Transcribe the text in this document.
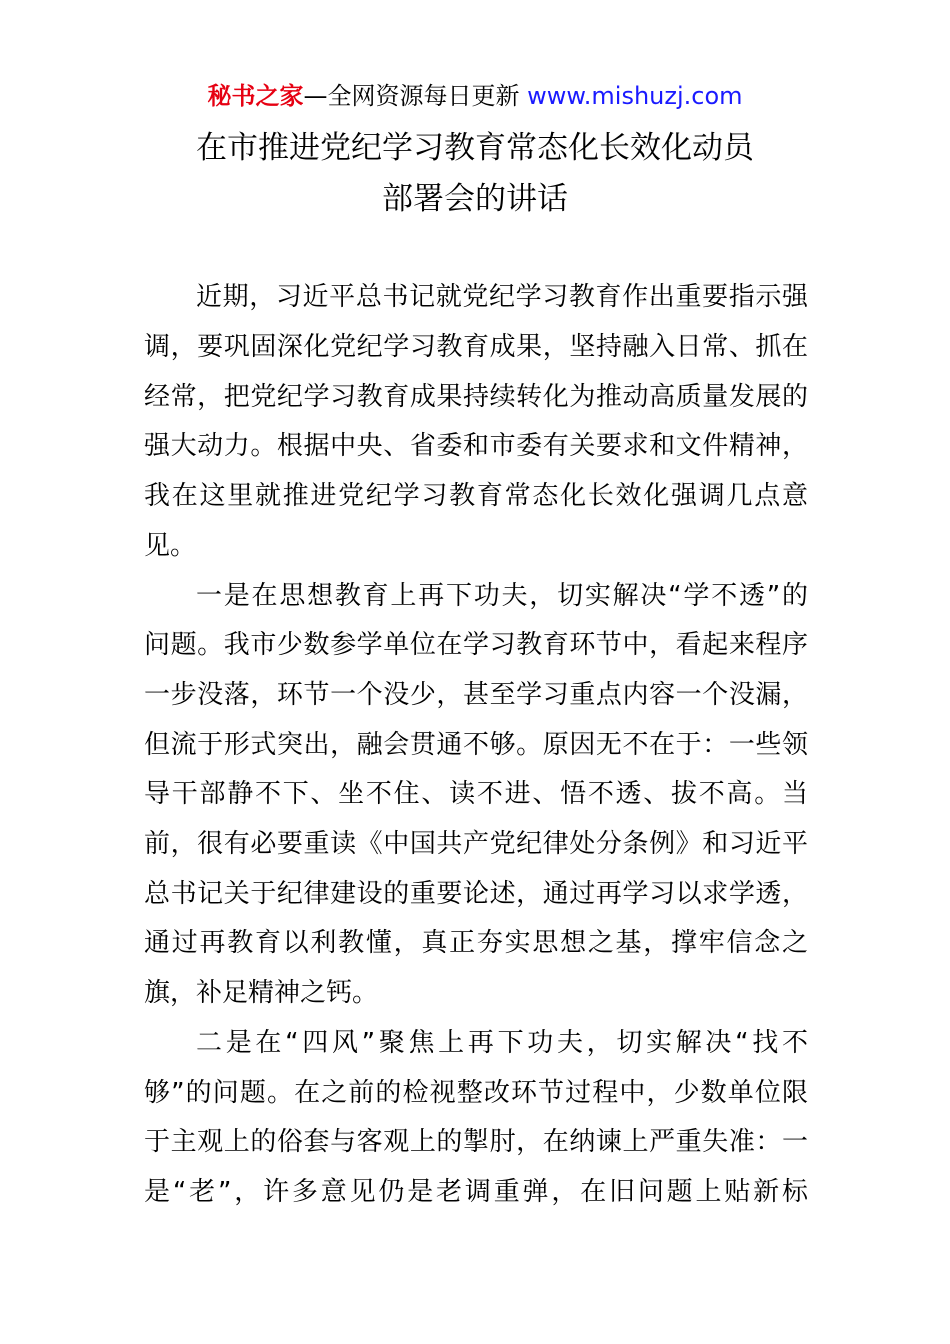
秘书之家—全网资源每日更新 www.mishuzj.com
在市推进党纪学习教育常态化长效化动员
部署会的讲话
近期，习近平总书记就党纪学习教育作出重要指示强
调，要巩固深化党纪学习教育成果，坚持融入日常、抓在
经常，把党纪学习教育成果持续转化为推动高质量发展的
强大动力。根据中央、省委和市委有关要求和文件精神，
我在这里就推进党纪学习教育常态化长效化强调几点意
见。
一是在思想教育上再下功夫，切实解决“学不透”的
问题。我市少数参学单位在学习教育环节中，看起来程序
一步没落，环节一个没少，甚至学习重点内容一个没漏，
但流于形式突出，融会贯通不够。原因无不在于：一些领
导干部静不下、坐不住、读不进、悟不透、拔不高。当
前，很有必要重读《中国共产党纪律处分条例》和习近平
总书记关于纪律建设的重要论述，通过再学习以求学透，
通过再教育以利教懂，真正夯实思想之基，撑牢信念之
旗，补足精神之钙。
二是在“四风”聚焦上再下功夫，切实解决“找不
够”的问题。在之前的检视整改环节过程中，少数单位限
于主观上的俗套与客观上的掣肘，在纳谏上严重失准：一
是“老”，许多意见仍是老调重弹，在旧问题上贴新标
